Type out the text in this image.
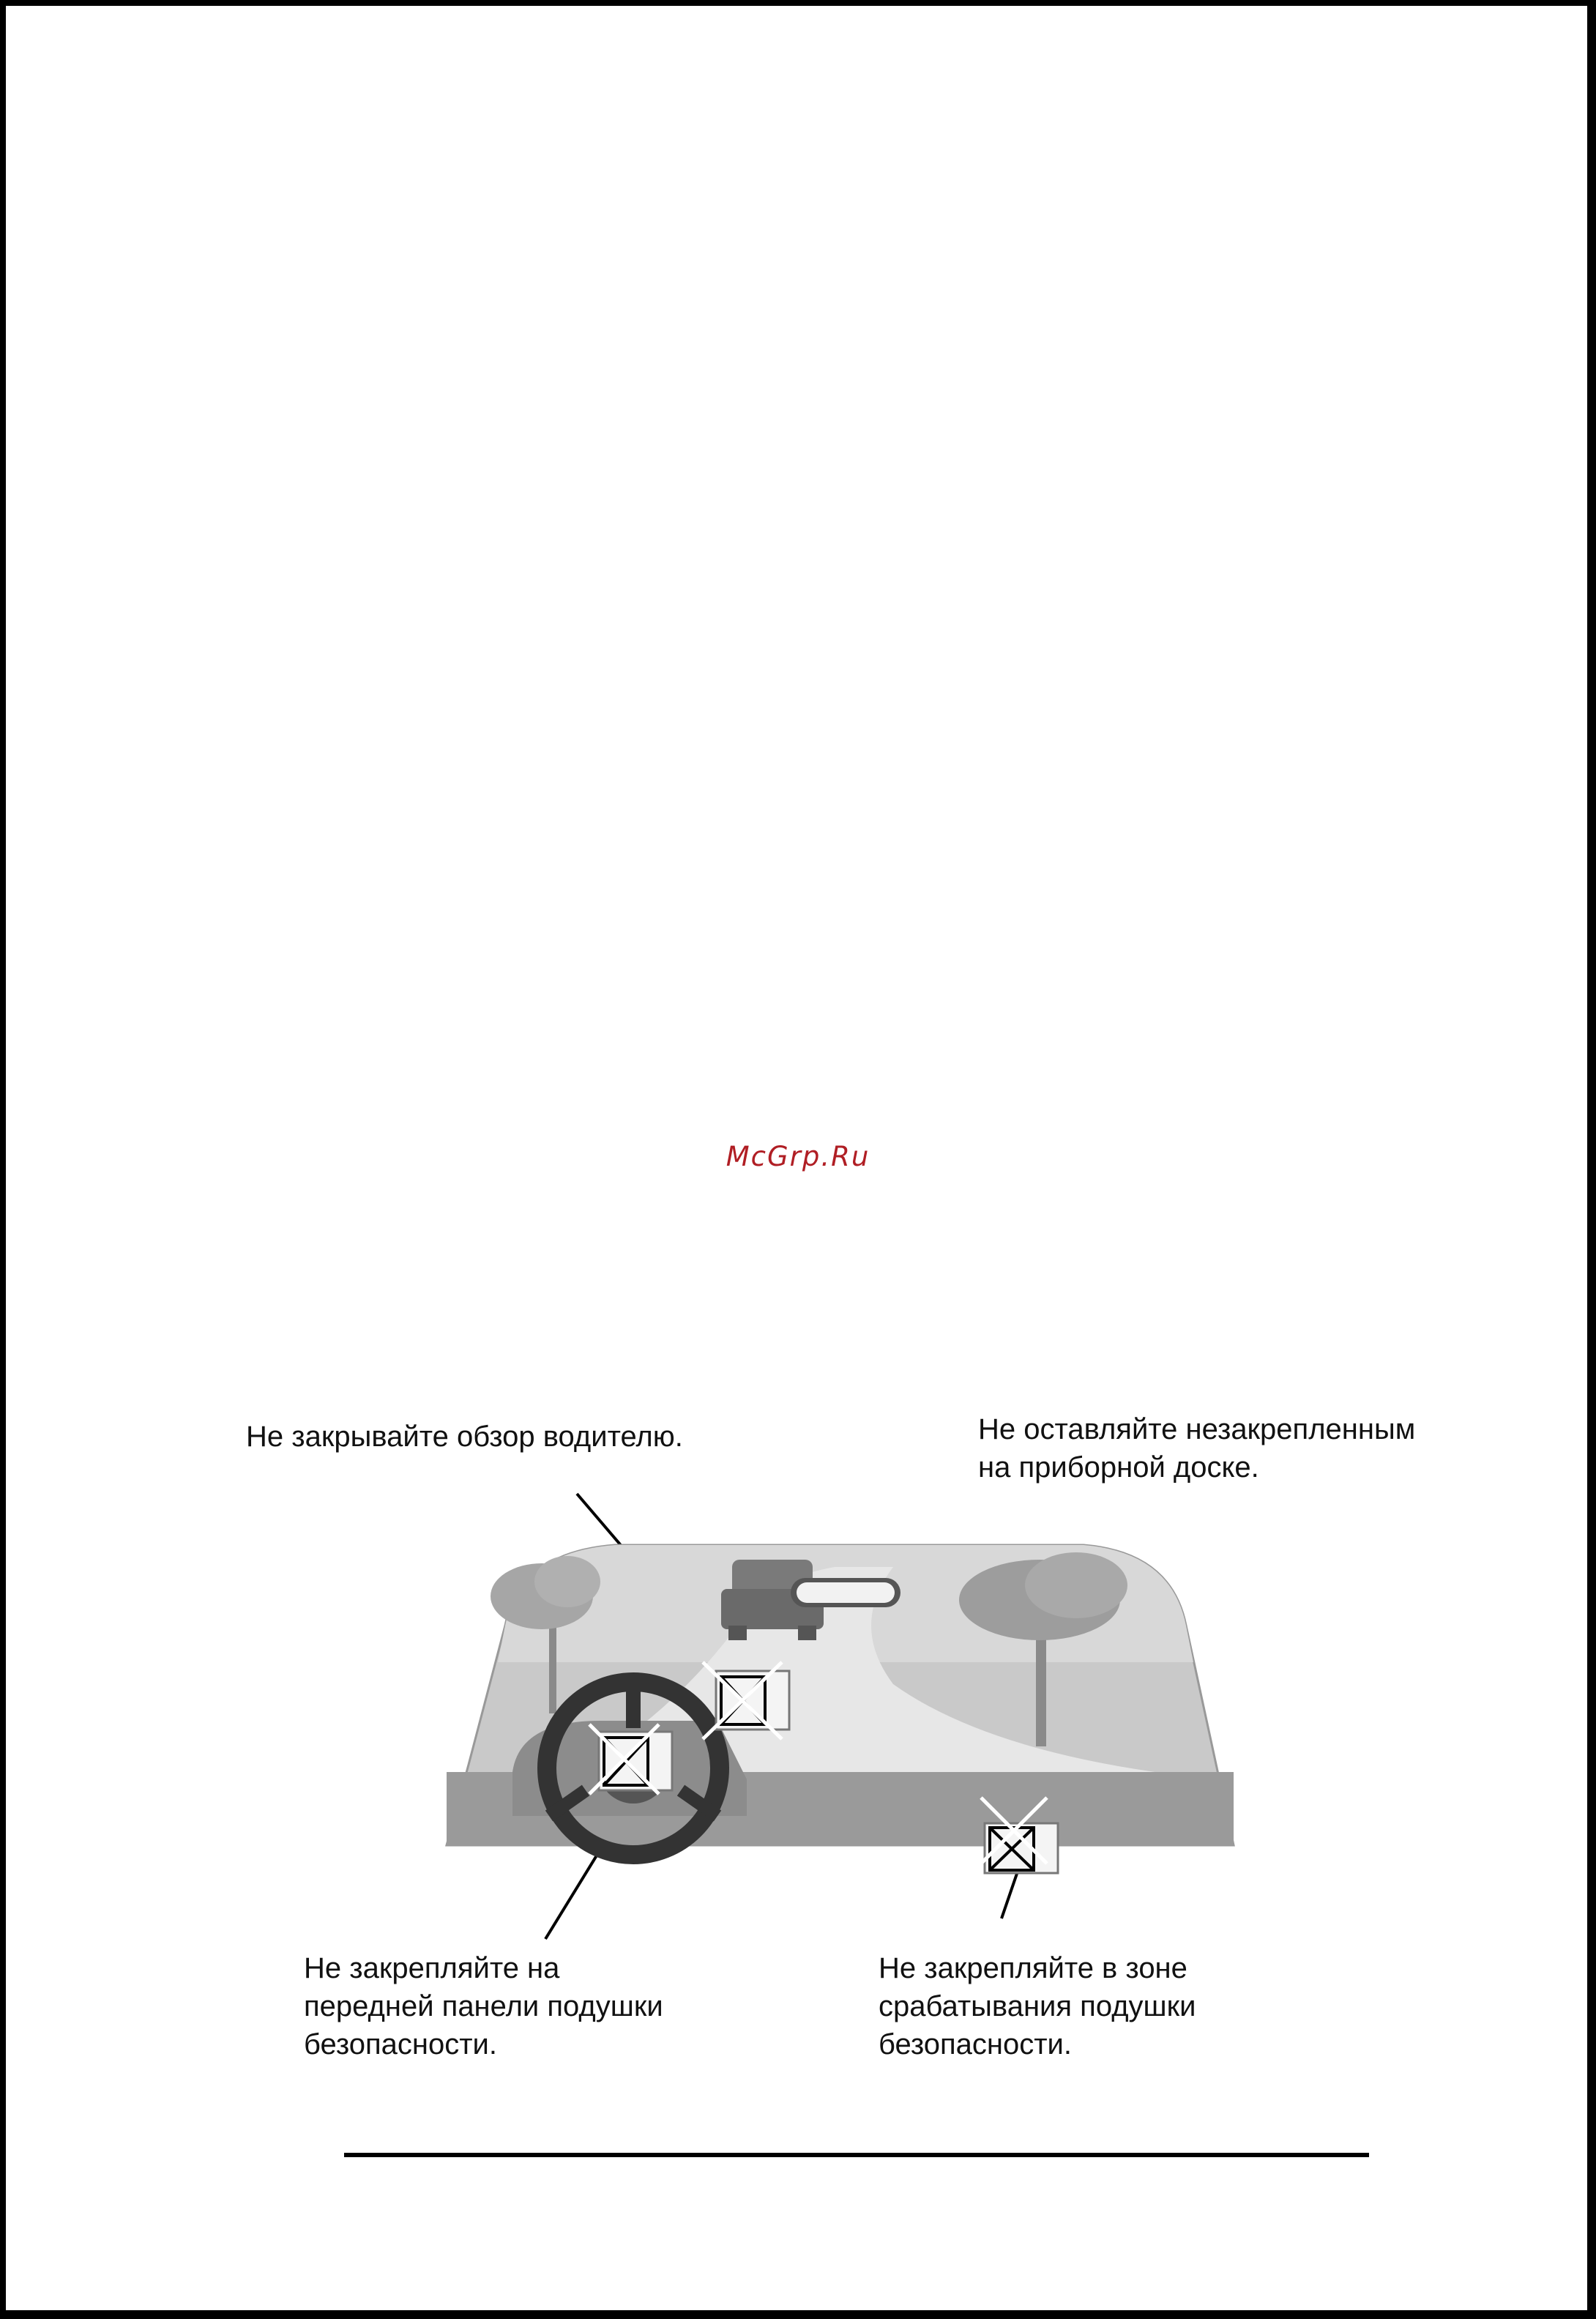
McGrp.Ru
Не закрывайте обзор водителю.	Не оставляйте незакрепленным
на приборной доске.
Не закрепляйте на
передней панели подушки
безопасности.
Не закрепляйте в зоне
срабатывания подушки
безопасности.
